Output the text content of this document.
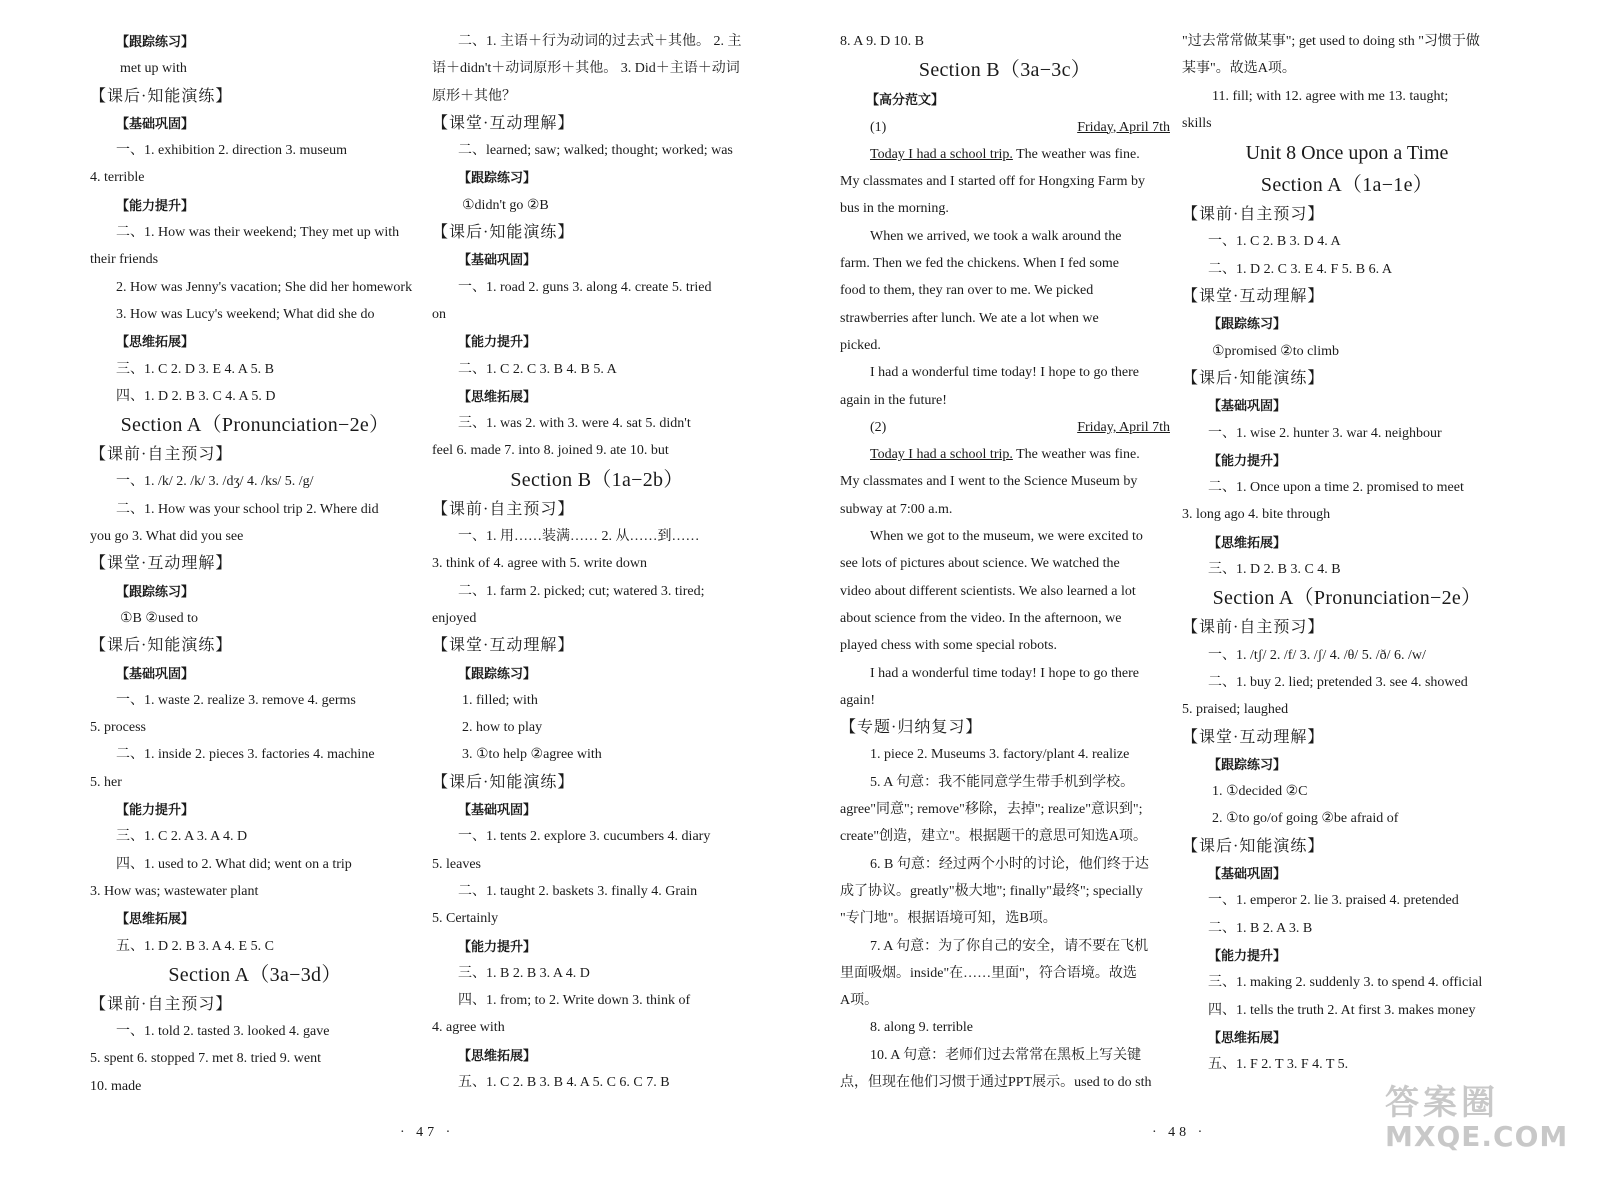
【跟踪练习】
met up with
【课后·知能演练】
【基础巩固】
一、1. exhibition 2. direction 3. museum
4. terrible
【能力提升】
二、1. How was their weekend; They met up with
their friends
2. How was Jenny's vacation; She did her homework
3. How was Lucy's weekend; What did she do
【思维拓展】
三、1. C 2. D 3. E 4. A 5. B
四、1. D 2. B 3. C 4. A 5. D
Section A（Pronunciation−2e）
【课前·自主预习】
一、1. /k/ 2. /k/ 3. /dʒ/ 4. /ks/ 5. /g/
二、1. How was your school trip 2. Where did
you go 3. What did you see
【课堂·互动理解】
【跟踪练习】
①B ②used to
【课后·知能演练】
【基础巩固】
一、1. waste 2. realize 3. remove 4. germs
5. process
二、1. inside 2. pieces 3. factories 4. machine
5. her
【能力提升】
三、1. C 2. A 3. A 4. D
四、1. used to 2. What did; went on a trip
3. How was; wastewater plant
【思维拓展】
五、1. D 2. B 3. A 4. E 5. C
Section A（3a−3d）
【课前·自主预习】
一、1. told 2. tasted 3. looked 4. gave
5. spent 6. stopped 7. met 8. tried 9. went
10. made
二、1. 主语＋行为动词的过去式＋其他。 2. 主
语＋didn't＋动词原形＋其他。 3. Did＋主语＋动词
原形＋其他？
【课堂·互动理解】
二、learned; saw; walked; thought; worked; was
【跟踪练习】
①didn't go ②B
【课后·知能演练】
【基础巩固】
一、1. road 2. guns 3. along 4. create 5. tried
on
【能力提升】
二、1. C 2. C 3. B 4. B 5. A
【思维拓展】
三、1. was 2. with 3. were 4. sat 5. didn't
feel 6. made 7. into 8. joined 9. ate 10. but
Section B（1a−2b）
【课前·自主预习】
一、1. 用……装满…… 2. 从……到……
3. think of 4. agree with 5. write down
二、1. farm 2. picked; cut; watered 3. tired;
enjoyed
【课堂·互动理解】
【跟踪练习】
1. filled; with
2. how to play
3. ①to help ②agree with
【课后·知能演练】
【基础巩固】
一、1. tents 2. explore 3. cucumbers 4. diary
5. leaves
二、1. taught 2. baskets 3. finally 4. Grain
5. Certainly
【能力提升】
三、1. B 2. B 3. A 4. D
四、1. from; to 2. Write down 3. think of
4. agree with
【思维拓展】
五、1. C 2. B 3. B 4. A 5. C 6. C 7. B
8. A 9. D 10. B
Section B（3a−3c）
【高分范文】
(1)	Friday, April 7th
Today I had a school trip. The weather was fine.
My classmates and I started off for Hongxing Farm by
bus in the morning.
When we arrived, we took a walk around the
farm. Then we fed the chickens. When I fed some
food to them, they ran over to me. We picked
strawberries after lunch. We ate a lot when we
picked.
I had a wonderful time today! I hope to go there
again in the future!
(2)	Friday, April 7th
Today I had a school trip. The weather was fine.
My classmates and I went to the Science Museum by
subway at 7:00 a.m.
When we got to the museum, we were excited to
see lots of pictures about science. We watched the
video about different scientists. We also learned a lot
about science from the video. In the afternoon, we
played chess with some special robots.
I had a wonderful time today! I hope to go there
again!
【专题·归纳复习】
1. piece 2. Museums 3. factory/plant 4. realize
5. A 句意：我不能同意学生带手机到学校。
agree"同意"; remove"移除，去掉"; realize"意识到";
create"创造，建立"。根据题干的意思可知选A项。
6. B 句意：经过两个小时的讨论，他们终于达
成了协议。greatly"极大地"; finally"最终"; specially
"专门地"。根据语境可知，选B项。
7. A 句意：为了你自己的安全，请不要在飞机
里面吸烟。inside"在……里面"，符合语境。故选
A项。
8. along 9. terrible
10. A 句意：老师们过去常常在黑板上写关键
点，但现在他们习惯于通过PPT展示。used to do sth
"过去常常做某事"; get used to doing sth "习惯于做
某事"。故选A项。
11. fill; with 12. agree with me 13. taught;
skills
Unit 8 Once upon a Time
Section A（1a−1e）
【课前·自主预习】
一、1. C 2. B 3. D 4. A
二、1. D 2. C 3. E 4. F 5. B 6. A
【课堂·互动理解】
【跟踪练习】
①promised ②to climb
【课后·知能演练】
【基础巩固】
一、1. wise 2. hunter 3. war 4. neighbour
【能力提升】
二、1. Once upon a time 2. promised to meet
3. long ago 4. bite through
【思维拓展】
三、1. D 2. B 3. C 4. B
Section A（Pronunciation−2e）
【课前·自主预习】
一、1. /tʃ/ 2. /f/ 3. /ʃ/ 4. /θ/ 5. /ð/ 6. /w/
二、1. buy 2. lied; pretended 3. see 4. showed
5. praised; laughed
【课堂·互动理解】
【跟踪练习】
1. ①decided ②C
2. ①to go/of going ②be afraid of
【课后·知能演练】
【基础巩固】
一、1. emperor 2. lie 3. praised 4. pretended
二、1. B 2. A 3. B
【能力提升】
三、1. making 2. suddenly 3. to spend 4. official
四、1. tells the truth 2. At first 3. makes money
【思维拓展】
五、1. F 2. T 3. F 4. T 5.
· 47 ·	· 48 ·
答案圈
MXQE.COM
